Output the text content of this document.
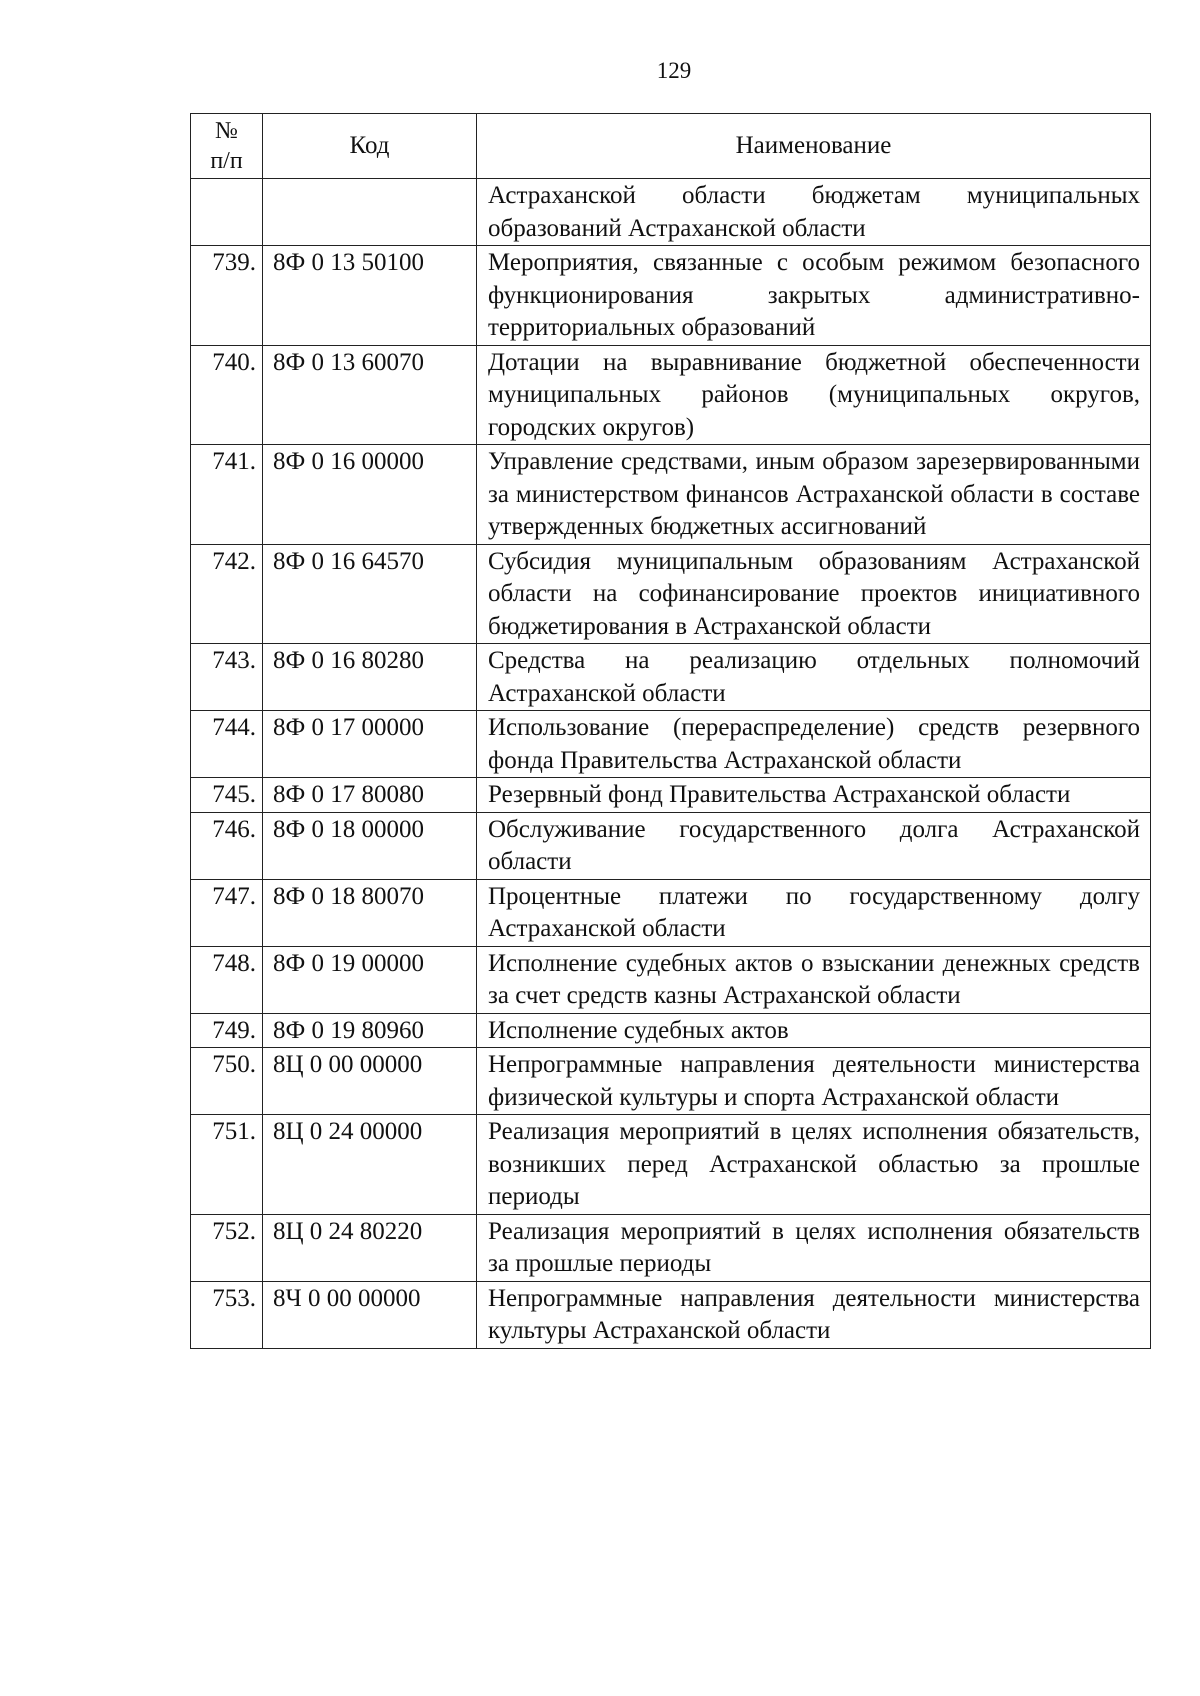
129
№
п/п	Код	Наименование
		Астраханской области бюджетам муниципальных образований Астраханской области
739.	8Ф 0 13 50100	Мероприятия, связанные с особым режимом безопасного функционирования закрытых административно-территориальных образований
740.	8Ф 0 13 60070	Дотации на выравнивание бюджетной обеспеченности муниципальных районов (муниципальных округов, городских округов)
741.	8Ф 0 16 00000	Управление средствами, иным образом зарезервированными за министерством финансов Астраханской области в составе утвержденных бюджетных ассигнований
742.	8Ф 0 16 64570	Субсидия муниципальным образованиям Астраханской области на софинансирование проектов инициативного бюджетирования в Астраханской области
743.	8Ф 0 16 80280	Средства на реализацию отдельных полномочий Астраханской области
744.	8Ф 0 17 00000	Использование (перераспределение) средств резервного фонда Правительства Астраханской области
745.	8Ф 0 17 80080	Резервный фонд Правительства Астраханской области
746.	8Ф 0 18 00000	Обслуживание государственного долга Астраханской области
747.	8Ф 0 18 80070	Процентные платежи по государственному долгу Астраханской области
748.	8Ф 0 19 00000	Исполнение судебных актов о взыскании денежных средств за счет средств казны Астраханской области
749.	8Ф 0 19 80960	Исполнение судебных актов
750.	8Ц 0 00 00000	Непрограммные направления деятельности министерства физической культуры и спорта Астраханской области
751.	8Ц 0 24 00000	Реализация мероприятий в целях исполнения обязательств, возникших перед Астраханской областью за прошлые периоды
752.	8Ц 0 24 80220	Реализация мероприятий в целях исполнения обязательств за прошлые периоды
753.	8Ч 0 00 00000	Непрограммные направления деятельности министерства культуры Астраханской области
